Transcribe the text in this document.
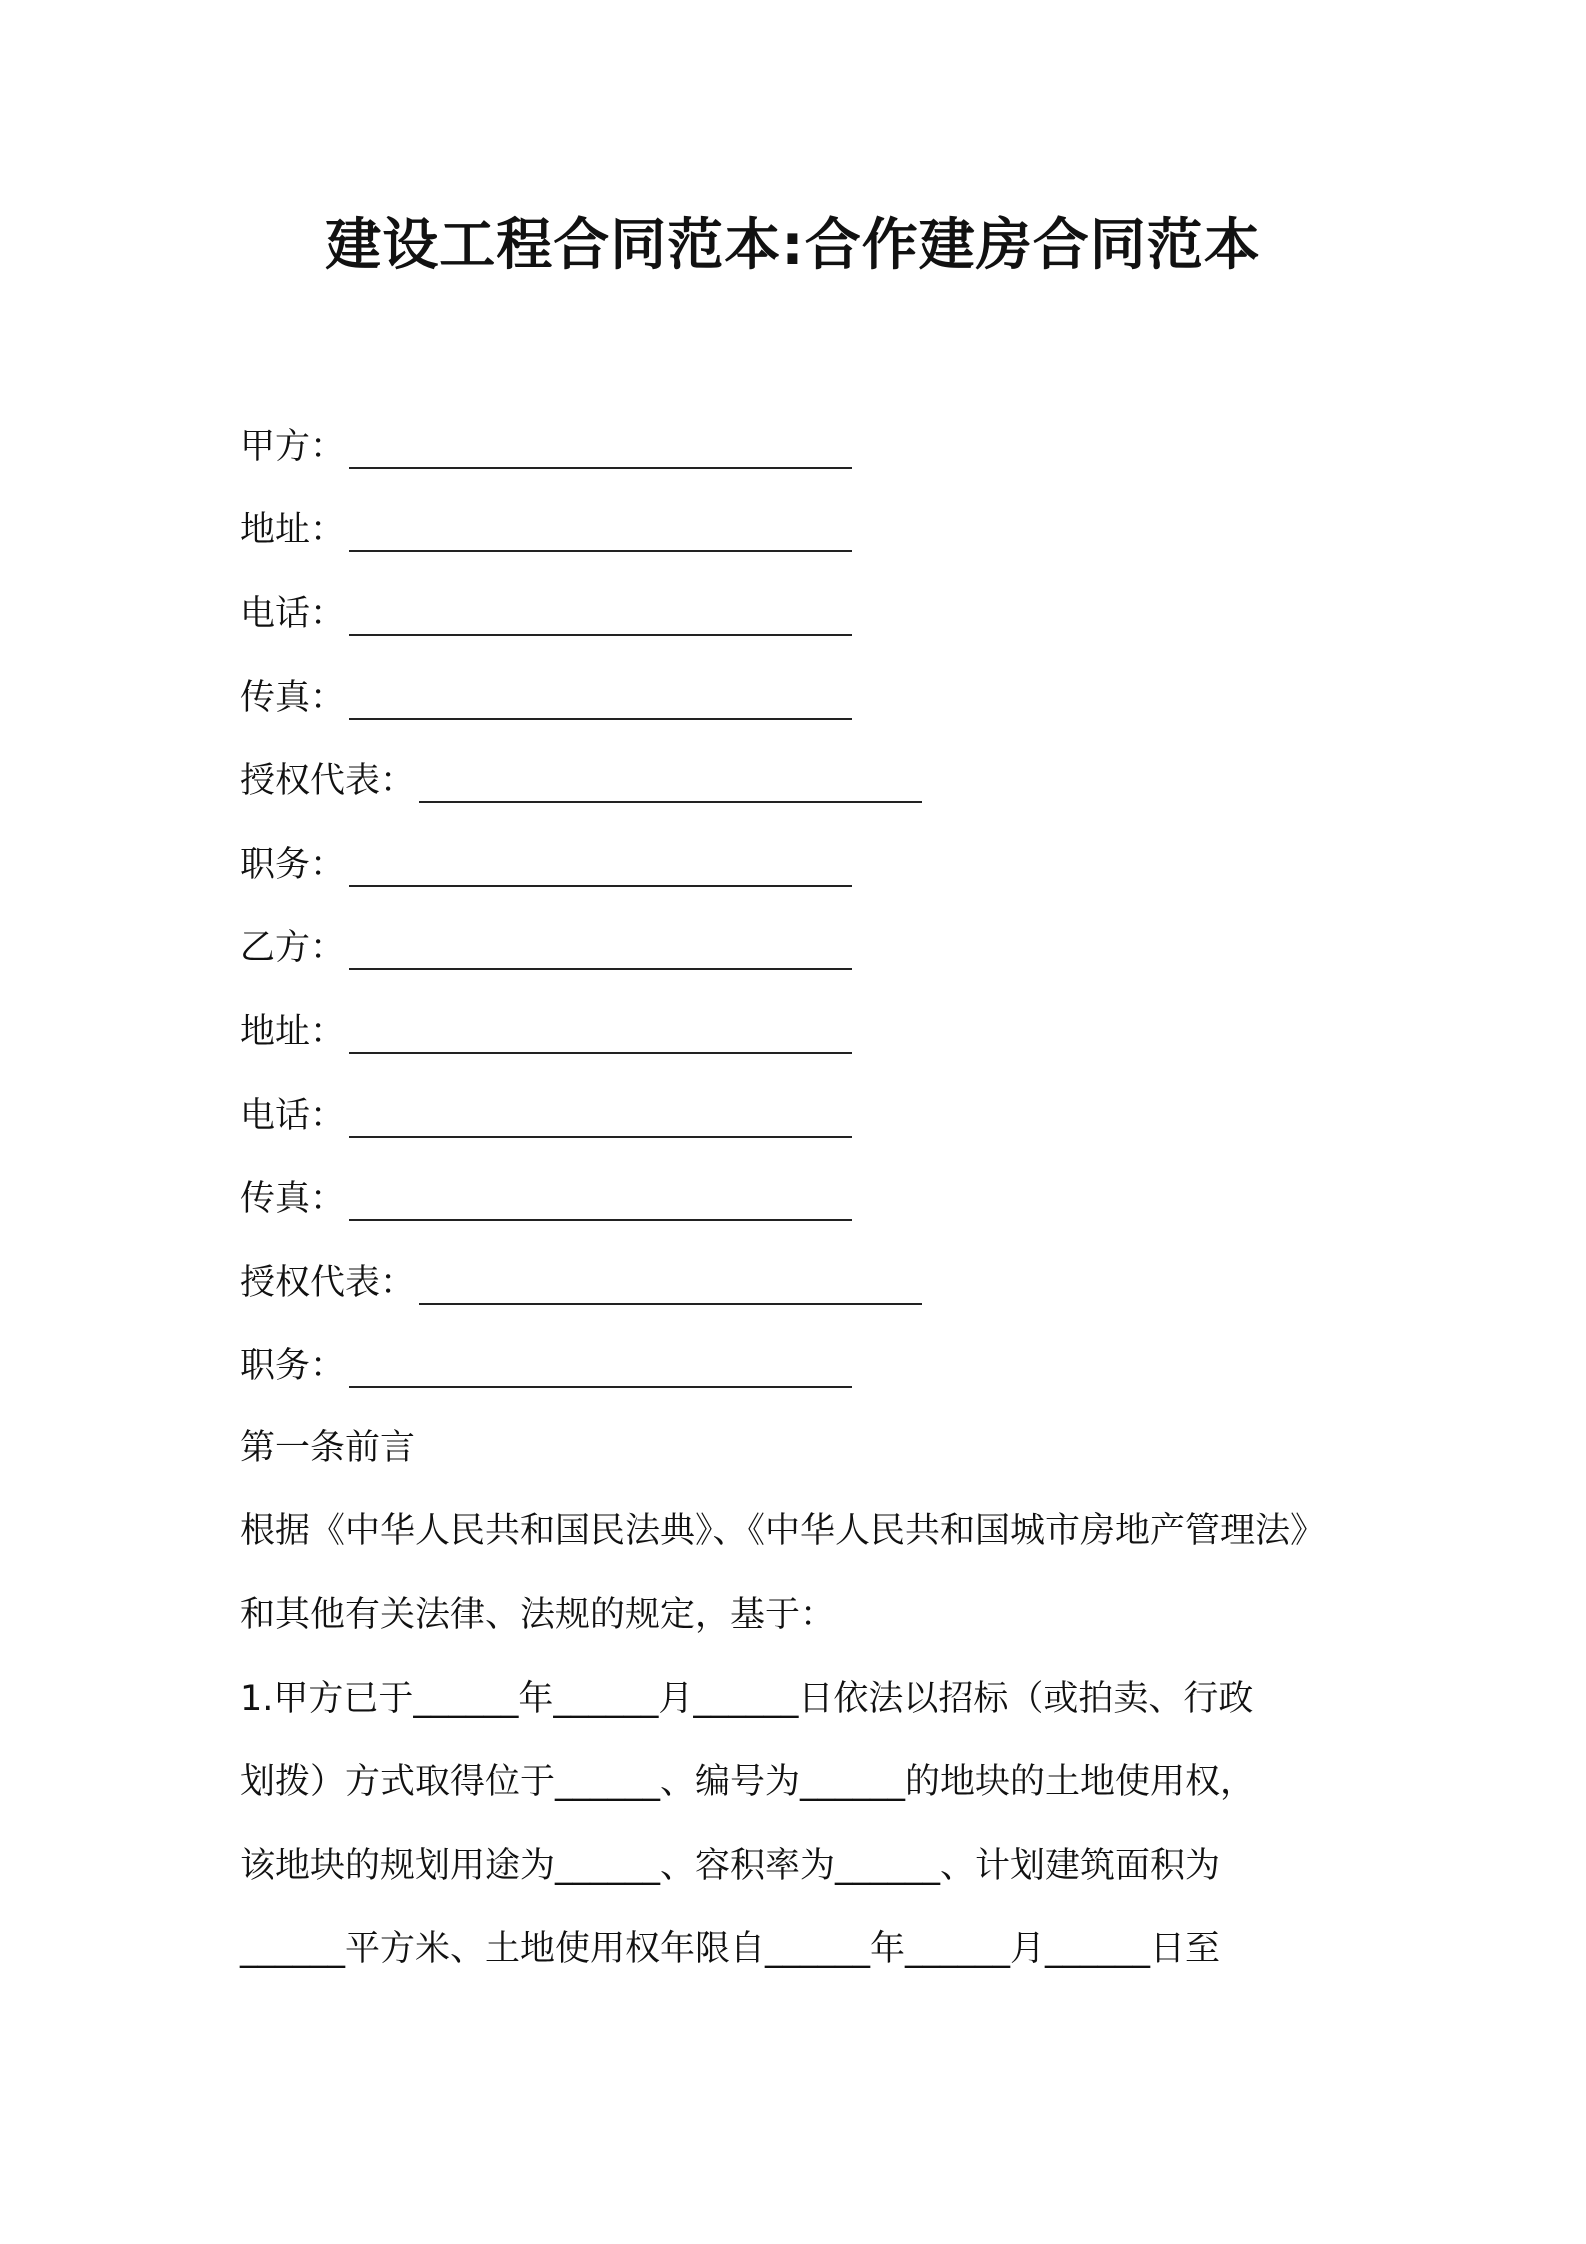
建设工程合同范本:合作建房合同范本
甲方：
地址：
电话：
传真：
授权代表：
职务：
乙方：
地址：
电话：
传真：
授权代表：
职务：
第一条前言
根据《中华人民共和国民法典》、《中华人民共和国城市房地产管理法》
和其他有关法律、法规的规定，基于：
1.甲方已于______年______月______日依法以招标（或拍卖、行政
划拨）方式取得位于______、编号为______的地块的土地使用权，
该地块的规划用途为______、容积率为______、计划建筑面积为
______平方米、土地使用权年限自______年______月______日至
